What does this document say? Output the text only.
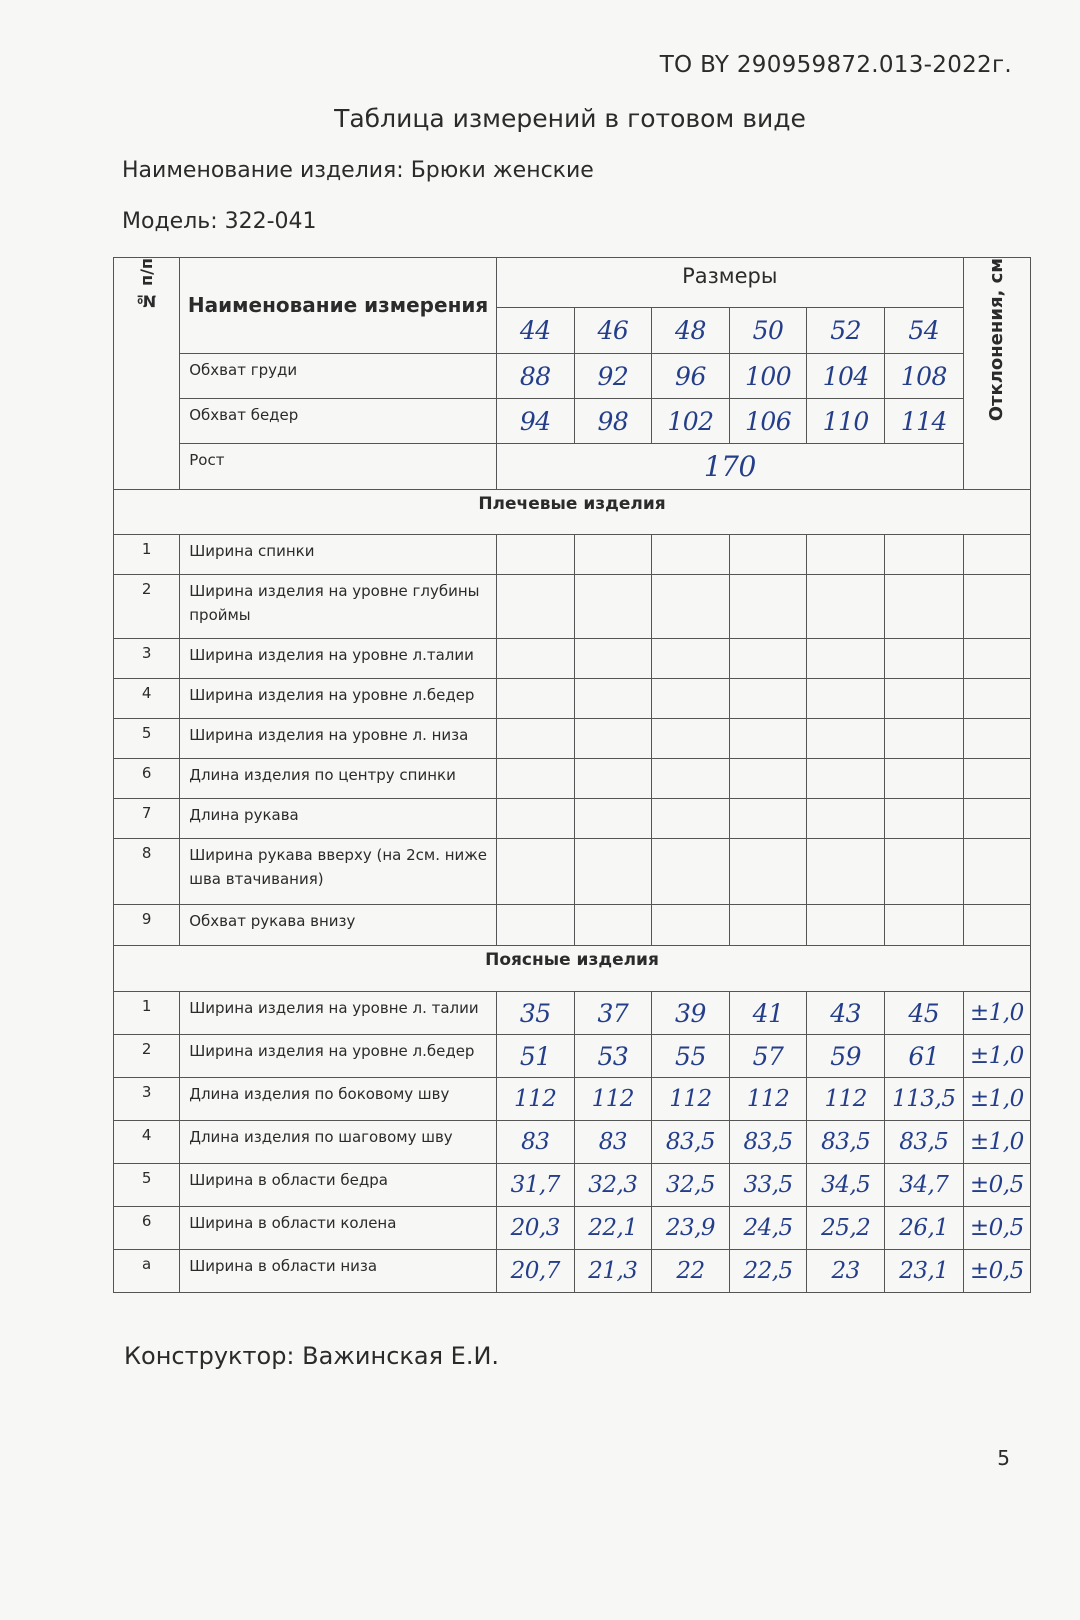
ТО BY 290959872.013-2022г.
Таблица измерений в готовом виде
Наименование изделия: Брюки женские
Модель: 322-041
№ п/п	Наименование измерения	Размеры						Отклонения, см

		44	46	48	50	52	54	
	Обхват груди	88	92	96	100	104	108	
	Обхват бедер	94	98	102	106	110	114	
	Рост	170						
Плечевые изделия								
1	Ширина спинки							
2	Ширина изделия на уровне глубины проймы							
3	Ширина изделия на уровне л.талии							
4	Ширина изделия на уровне л.бедер							
5	Ширина изделия на уровне л. низа							
6	Длина изделия по центру спинки							
7	Длина рукава							
8	Ширина рукава вверху (на 2см. ниже шва втачивания)							
9	Обхват рукава внизу							
Поясные изделия								
1	Ширина изделия на уровне л. талии	35	37	39	41	43	45	±1,0
2	Ширина изделия на уровне л.бедер	51	53	55	57	59	61	±1,0
3	Длина изделия по боковому шву	112	112	112	112	112	113,5	±1,0
4	Длина изделия по шаговому шву	83	83	83,5	83,5	83,5	83,5	±1,0
5	Ширина в области бедра	31,7	32,3	32,5	33,5	34,5	34,7	±0,5
6	Ширина в области колена	20,3	22,1	23,9	24,5	25,2	26,1	±0,5
а	Ширина в области низа	20,7	21,3	22	22,5	23	23,1	±0,5
Конструктор: Важинская Е.И.
5
